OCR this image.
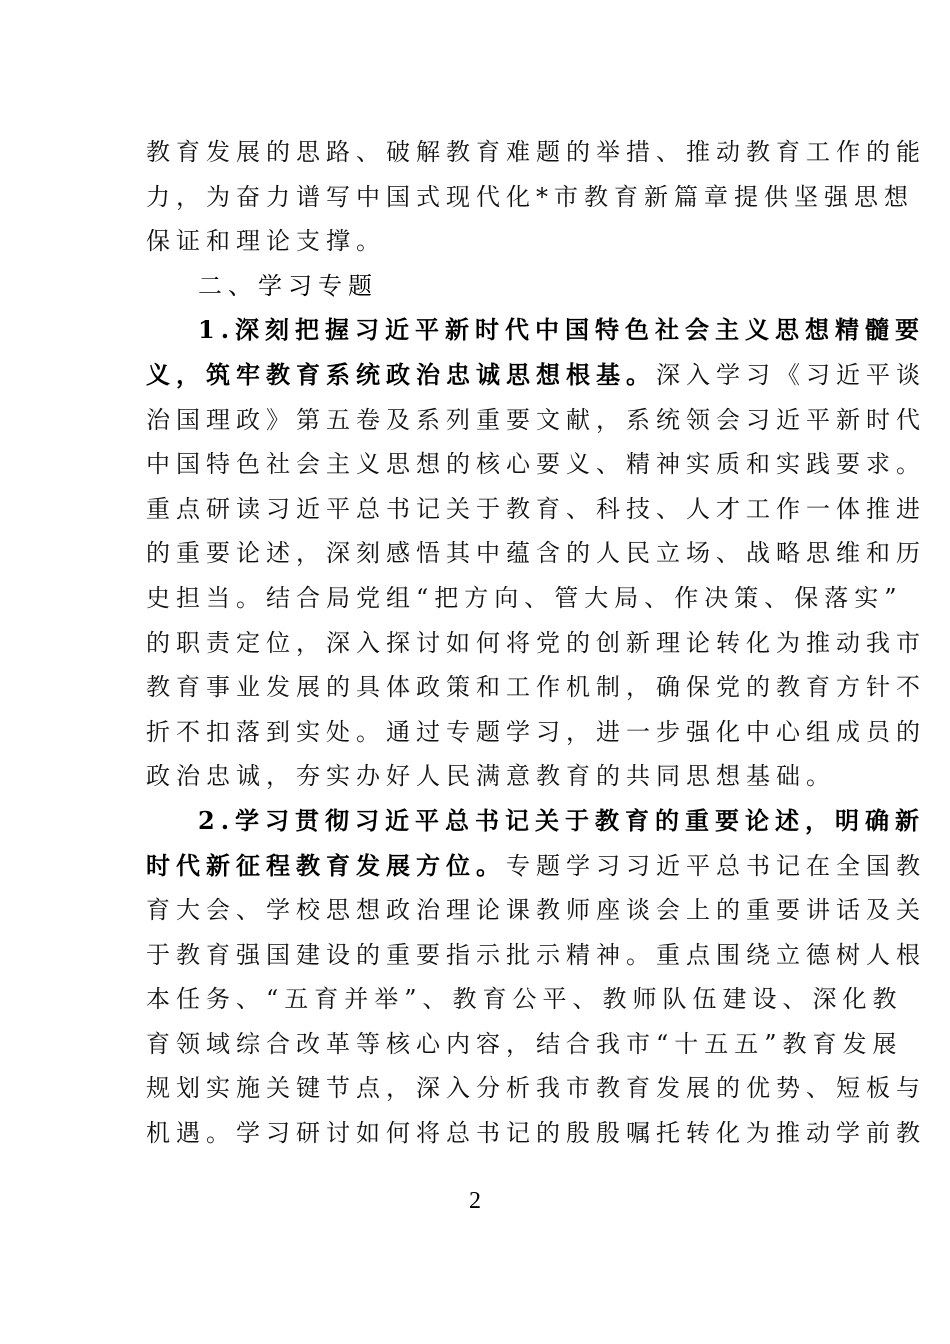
教育发展的思路、破解教育难题的举措、推动教育工作的能
力，为奋力谱写中国式现代化*市教育新篇章提供坚强思想
保证和理论支撑。
二、学习专题
1.深刻把握习近平新时代中国特色社会主义思想精髓要
义，筑牢教育系统政治忠诚思想根基。深入学习《习近平谈
治国理政》第五卷及系列重要文献，系统领会习近平新时代
中国特色社会主义思想的核心要义、精神实质和实践要求。
重点研读习近平总书记关于教育、科技、人才工作一体推进
的重要论述，深刻感悟其中蕴含的人民立场、战略思维和历
史担当。结合局党组“把方向、管大局、作决策、保落实”
的职责定位，深入探讨如何将党的创新理论转化为推动我市
教育事业发展的具体政策和工作机制，确保党的教育方针不
折不扣落到实处。通过专题学习，进一步强化中心组成员的
政治忠诚，夯实办好人民满意教育的共同思想基础。
2.学习贯彻习近平总书记关于教育的重要论述，明确新
时代新征程教育发展方位。专题学习习近平总书记在全国教
育大会、学校思想政治理论课教师座谈会上的重要讲话及关
于教育强国建设的重要指示批示精神。重点围绕立德树人根
本任务、“五育并举”、教育公平、教师队伍建设、深化教
育领域综合改革等核心内容，结合我市“十五五”教育发展
规划实施关键节点，深入分析我市教育发展的优势、短板与
机遇。学习研讨如何将总书记的殷殷嘱托转化为推动学前教
2
